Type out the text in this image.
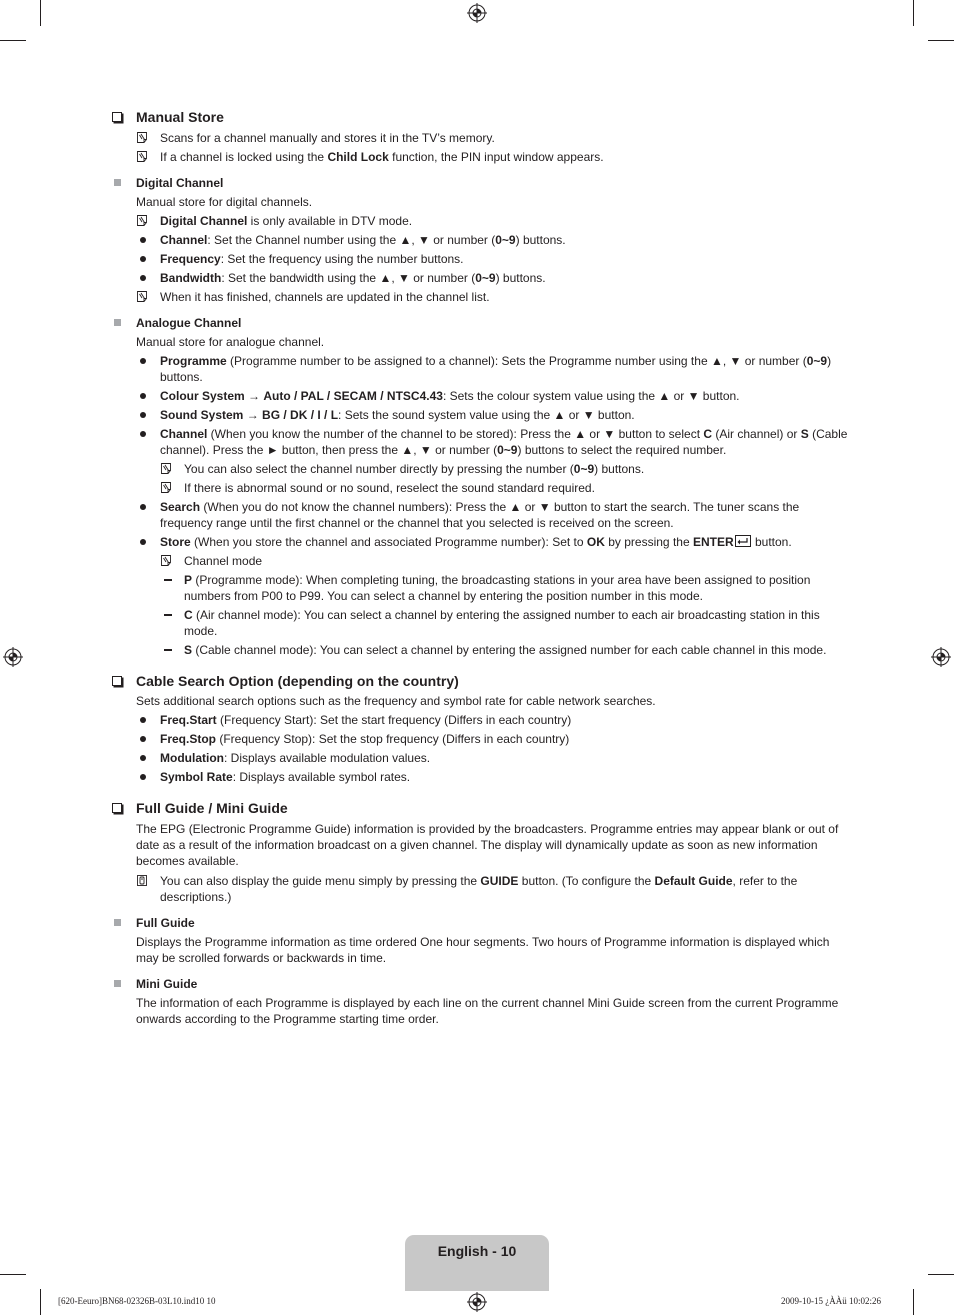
Manual Store
Scans for a channel manually and stores it in the TV’s memory.
If a channel is locked using the Child Lock function, the PIN input window appears.
Digital Channel
Manual store for digital channels.
Digital Channel is only available in DTV mode.
Channel: Set the Channel number using the ▲, ▼ or number (0~9) buttons.
Frequency: Set the frequency using the number buttons.
Bandwidth: Set the bandwidth using the ▲, ▼ or number (0~9) buttons.
When it has finished, channels are updated in the channel list.
Analogue Channel
Manual store for analogue channel.
Programme (Programme number to be assigned to a channel): Sets the Programme number using the ▲, ▼ or number (0~9) buttons.
Colour System → Auto / PAL / SECAM / NTSC4.43: Sets the colour system value using the ▲ or ▼ button.
Sound System → BG / DK / I / L: Sets the sound system value using the ▲ or ▼ button.
Channel (When you know the number of the channel to be stored): Press the ▲ or ▼ button to select C (Air channel) or S (Cable channel). Press the ► button, then press the ▲, ▼ or number (0~9) buttons to select the required number.
You can also select the channel number directly by pressing the number (0~9) buttons.
If there is abnormal sound or no sound, reselect the sound standard required.
Search (When you do not know the channel numbers): Press the ▲ or ▼ button to start the search. The tuner scans the frequency range until the first channel or the channel that you selected is received on the screen.
Store (When you store the channel and associated Programme number): Set to OK by pressing the ENTER button.
Channel mode
P (Programme mode): When completing tuning, the broadcasting stations in your area have been assigned to position numbers from P00 to P99. You can select a channel by entering the position number in this mode.
C (Air channel mode): You can select a channel by entering the assigned number to each air broadcasting station in this mode.
S (Cable channel mode): You can select a channel by entering the assigned number for each cable channel in this mode.
Cable Search Option (depending on the country)
Sets additional search options such as the frequency and symbol rate for cable network searches.
Freq.Start (Frequency Start): Set the start frequency (Differs in each country)
Freq.Stop (Frequency Stop): Set the stop frequency (Differs in each country)
Modulation: Displays available modulation values.
Symbol Rate: Displays available symbol rates.
Full Guide / Mini Guide
The EPG (Electronic Programme Guide) information is provided by the broadcasters. Programme entries may appear blank or out of date as a result of the information broadcast on a given channel. The display will dynamically update as soon as new information becomes available.
You can also display the guide menu simply by pressing the GUIDE button. (To configure the Default Guide, refer to the descriptions.)
Full Guide
Displays the Programme information as time ordered One hour segments. Two hours of Programme information is displayed which may be scrolled forwards or backwards in time.
Mini Guide
The information of each Programme is displayed by each line on the current channel Mini Guide screen from the current Programme onwards according to the Programme starting time order.
English - 10
[620-Eeuro]BN68-02326B-03L10.ind10 10	2009-10-15 ¿ÀÀü 10:02:26
